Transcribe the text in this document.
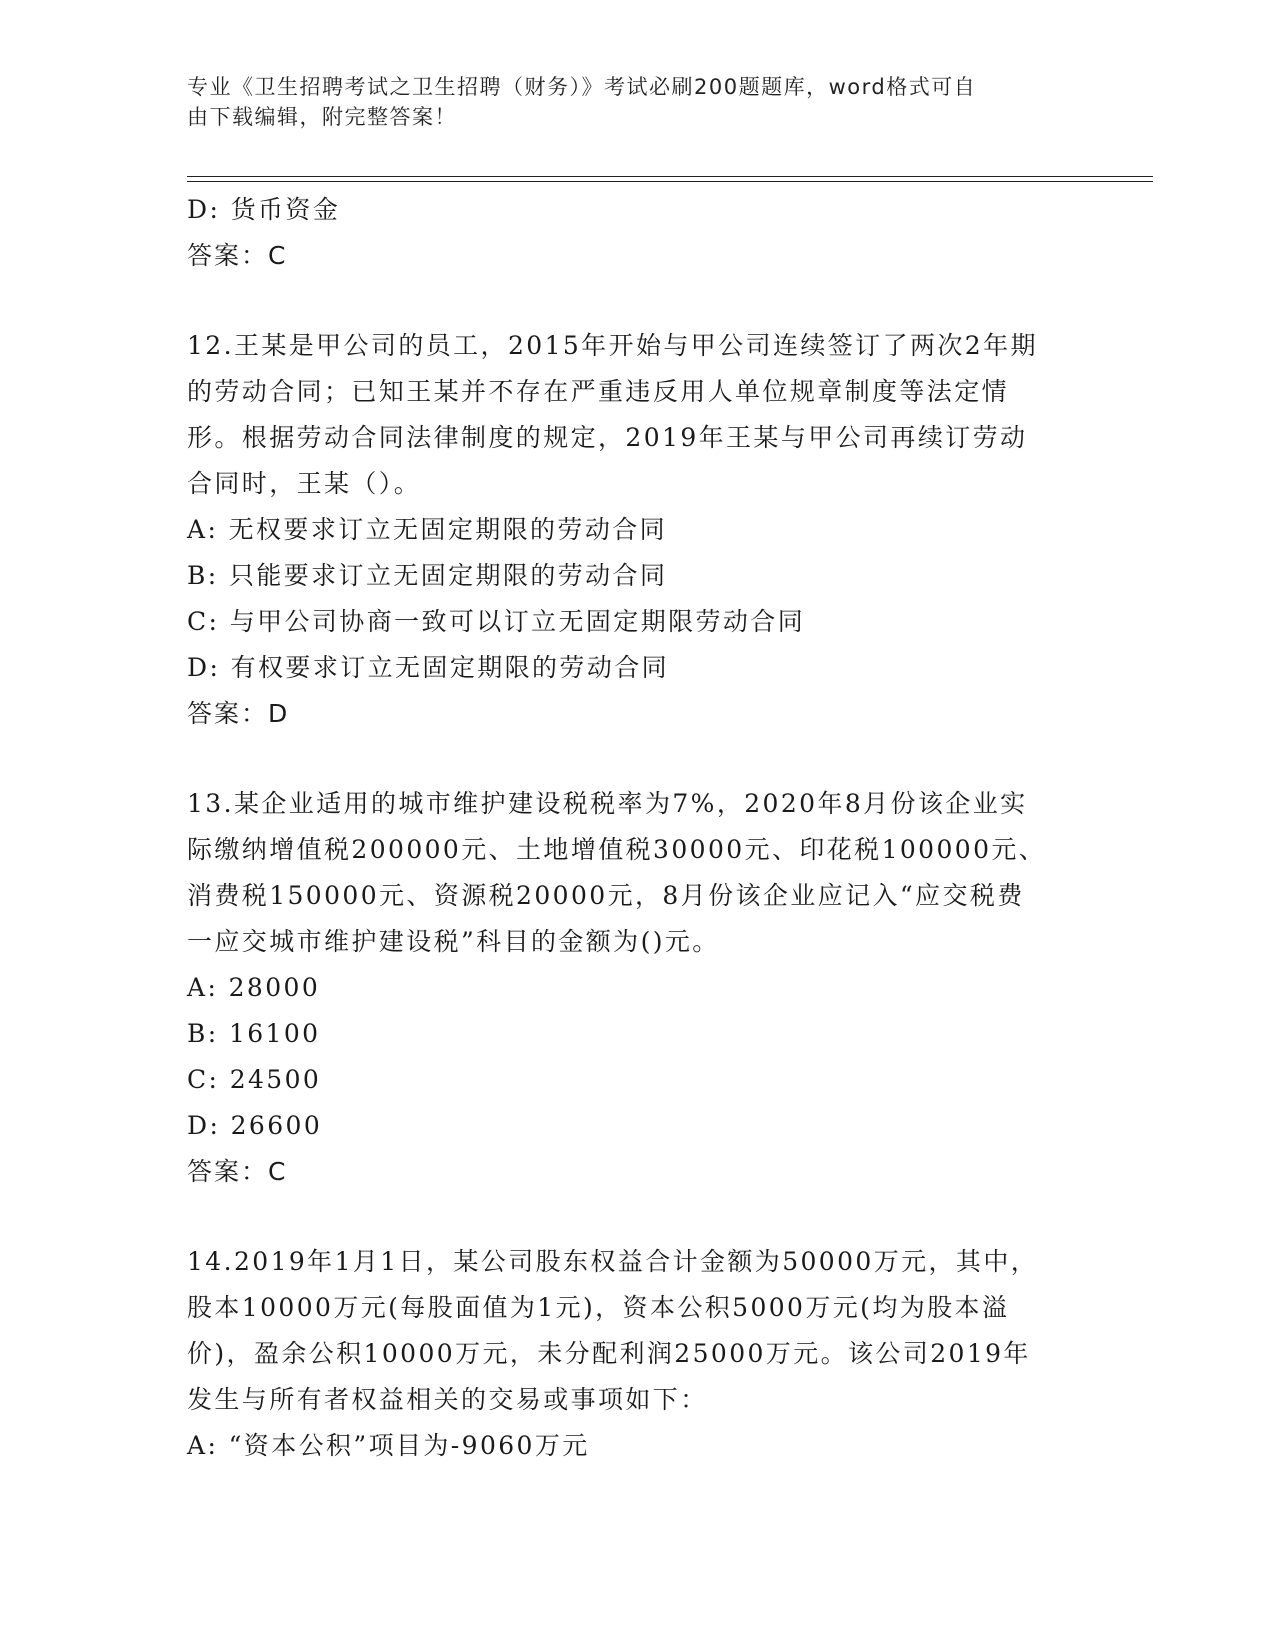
专业《卫生招聘考试之卫生招聘（财务）》考试必刷200题题库，word格式可自
由下载编辑，附完整答案！
D: 货币资金
答案：C
12.王某是甲公司的员工，2015年开始与甲公司连续签订了两次2年期
的劳动合同；已知王某并不存在严重违反用人单位规章制度等法定情
形。根据劳动合同法律制度的规定，2019年王某与甲公司再续订劳动
合同时，王某（）。
A: 无权要求订立无固定期限的劳动合同
B: 只能要求订立无固定期限的劳动合同
C: 与甲公司协商一致可以订立无固定期限劳动合同
D: 有权要求订立无固定期限的劳动合同
答案：D
13.某企业适用的城市维护建设税税率为7%，2020年8月份该企业实
际缴纳增值税200000元、土地增值税30000元、印花税100000元、
消费税150000元、资源税20000元，8月份该企业应记入“应交税费
一应交城市维护建设税”科目的金额为()元。
A: 28000
B: 16100
C: 24500
D: 26600
答案：C
14.2019年1月1日，某公司股东权益合计金额为50000万元，其中，
股本10000万元(每股面值为1元)，资本公积5000万元(均为股本溢
价)，盈余公积10000万元，未分配利润25000万元。该公司2019年
发生与所有者权益相关的交易或事项如下：
A: “资本公积”项目为-9060万元
